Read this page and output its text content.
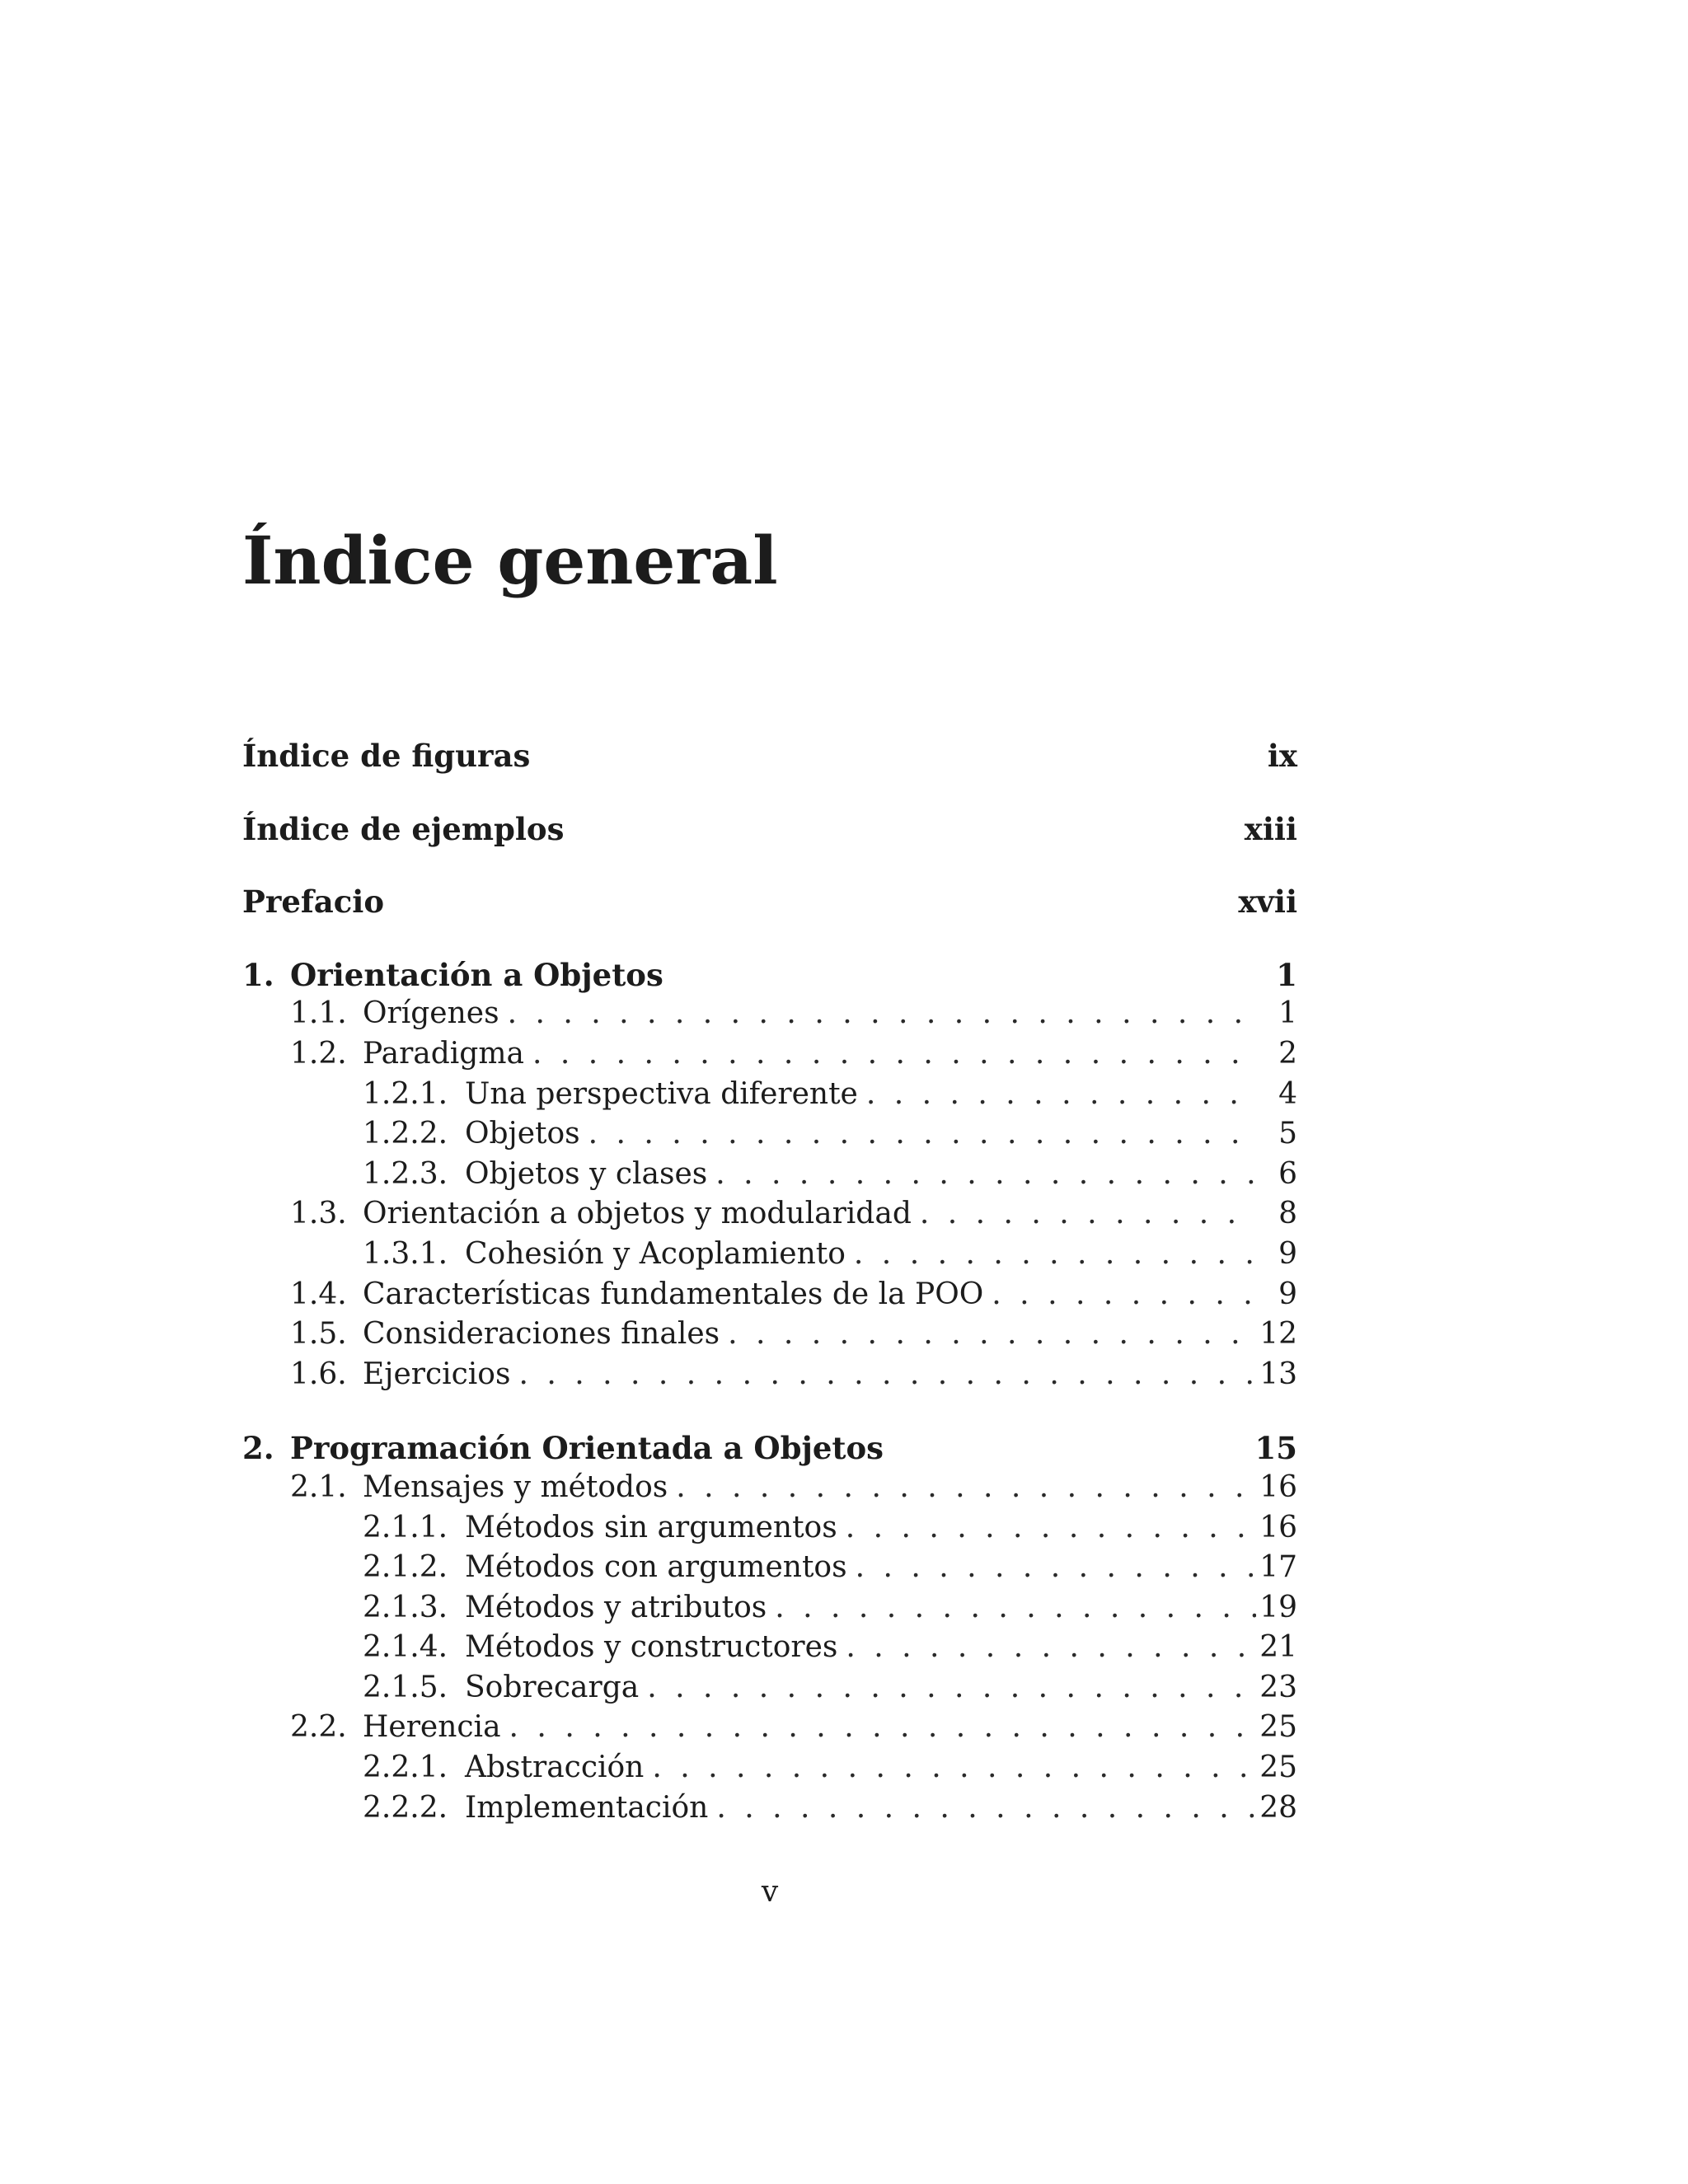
Índice general
Índice de figuras	ix
Índice de ejemplos	xiii
Prefacio	xvii
1. Orientación a Objetos	1
1.1. Orígenes . . .	1
1.2. Paradigma . . .	2
1.2.1. Una perspectiva diferente . . .	4
1.2.2. Objetos . . .	5
1.2.3. Objetos y clases . . .	6
1.3. Orientación a objetos y modularidad . . .	8
1.3.1. Cohesión y Acoplamiento . . .	9
1.4. Características fundamentales de la POO . . .	9
1.5. Consideraciones finales . . .	12
1.6. Ejercicios . . .	13
2. Programación Orientada a Objetos	15
2.1. Mensajes y métodos . . .	16
2.1.1. Métodos sin argumentos . . .	16
2.1.2. Métodos con argumentos . . .	17
2.1.3. Métodos y atributos . . .	19
2.1.4. Métodos y constructores . . .	21
2.1.5. Sobrecarga . . .	23
2.2. Herencia . . .	25
2.2.1. Abstracción . . .	25
2.2.2. Implementación . . .	28
v
